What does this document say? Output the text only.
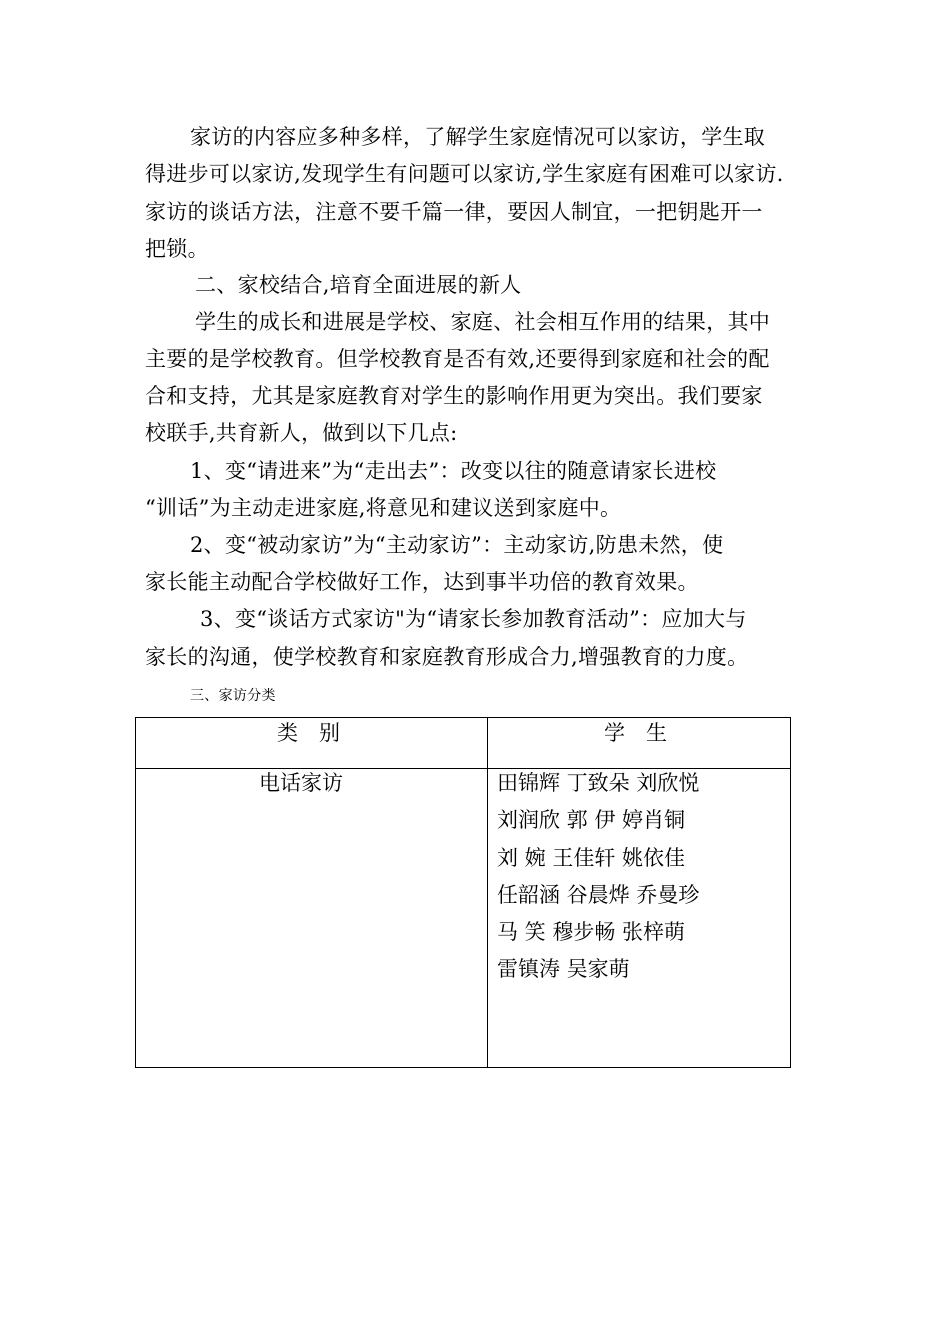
家访的内容应多种多样，了解学生家庭情况可以家访，学生取
得进步可以家访,发现学生有问题可以家访,学生家庭有困难可以家访.
家访的谈话方法，注意不要千篇一律，要因人制宜，一把钥匙开一
把锁。
二、家校结合,培育全面进展的新人
学生的成长和进展是学校、家庭、社会相互作用的结果，其中
主要的是学校教育。但学校教育是否有效,还要得到家庭和社会的配
合和支持，尤其是家庭教育对学生的影响作用更为突出。我们要家
校联手,共育新人，做到以下几点:
1、变“请进来”为“走出去”：改变以往的随意请家长进校
“训话”为主动走进家庭,将意见和建议送到家庭中。
2、变“被动家访”为“主动家访”：主动家访,防患未然，使
家长能主动配合学校做好工作，达到事半功倍的教育效果。
3、变“谈话方式家访"为“请家长参加教育活动”：应加大与
家长的沟通，使学校教育和家庭教育形成合力,增强教育的力度。
三、家访分类
类　别	学　生
电话家访	田锦辉 丁致朵 刘欣悦
刘润欣 郭 伊 婷肖铜
刘 婉 王佳轩 姚依佳
任韶涵 谷晨烨 乔曼珍
马 笑 穆步畅 张梓萌
雷镇涛 吴家萌
